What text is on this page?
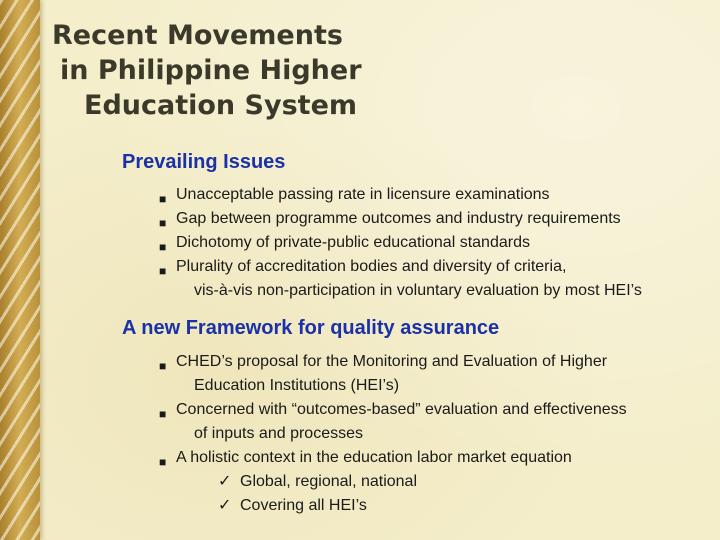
Recent Movements
in Philippine Higher
Education System
Prevailing Issues
■ Unacceptable passing rate in licensure examinations
■ Gap between programme outcomes and industry requirements
■ Dichotomy of private-public educational standards
■ Plurality of accreditation bodies and diversity of criteria,
vis-à-vis non-participation in voluntary evaluation by most HEI’s
A new Framework for quality assurance
■ CHED’s proposal for the Monitoring and Evaluation of Higher
Education Institutions (HEI’s)
■ Concerned with “outcomes-based” evaluation and effectiveness
of inputs and processes
■ A holistic context in the education labor market equation
✓ Global, regional, national
✓ Covering all HEI’s
